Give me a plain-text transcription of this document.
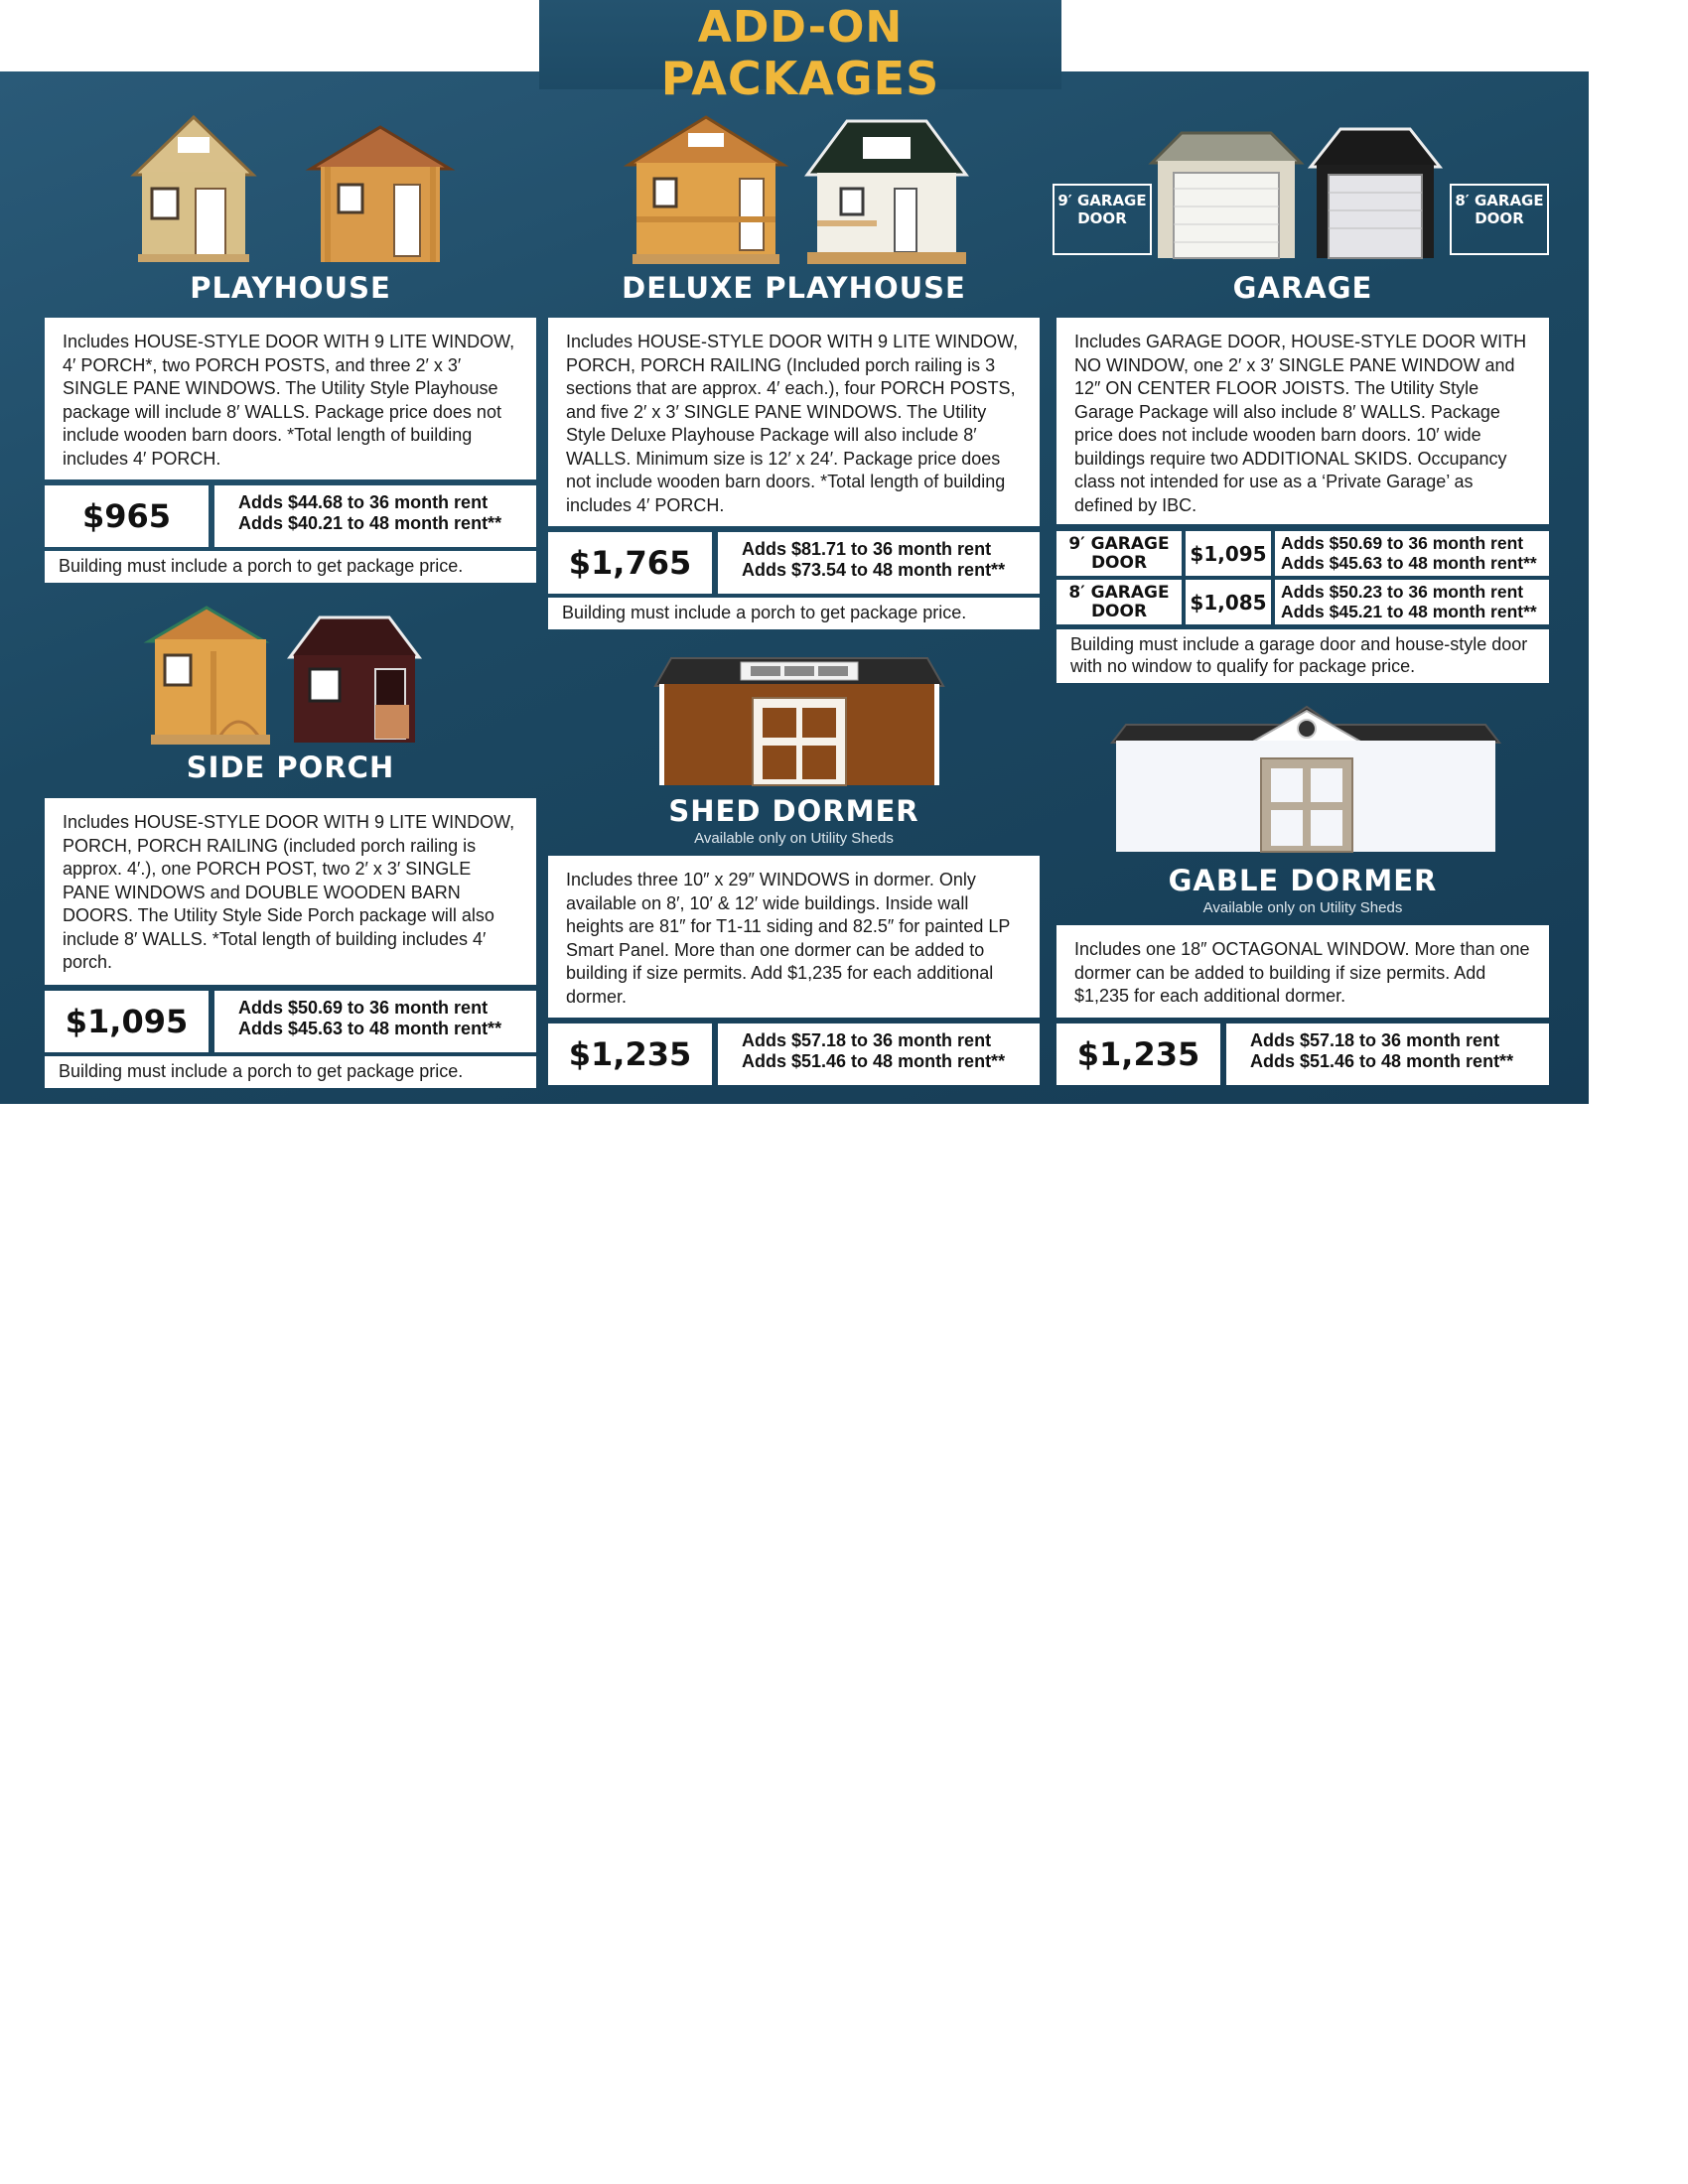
ADD-ON
PACKAGES
PLAYHOUSE

Includes HOUSE-STYLE DOOR WITH 9 LITE WINDOW, 4′ PORCH*, two PORCH POSTS, and three 2′ x 3′ SINGLE PANE WINDOWS. The Utility Style Playhouse package will include 8′ WALLS. Package price does not include wooden barn doors. *Total length of building includes 4′ PORCH.

$965	Adds $44.68 to 36 month rent
Adds $40.21 to 48 month rent**
Building must include a porch to get package price.
DELUXE PLAYHOUSE

Includes HOUSE-STYLE DOOR WITH 9 LITE WINDOW, PORCH, PORCH RAILING (Included porch railing is 3 sections that are approx. 4′ each.), four PORCH POSTS, and five 2′ x 3′ SINGLE PANE WINDOWS. The Utility Style Deluxe Playhouse Package will also include 8′ WALLS. Minimum size is 12′ x 24′. Package price does not include wooden barn doors. *Total length of building includes 4′ PORCH.

$1,765	Adds $81.71 to 36 month rent
Adds $73.54 to 48 month rent**
Building must include a porch to get package price.
9′ GARAGE DOOR
8′ GARAGE DOOR
GARAGE

Includes GARAGE DOOR, HOUSE-STYLE DOOR WITH NO WINDOW, one 2′ x 3′ SINGLE PANE WINDOW and 12″ ON CENTER FLOOR JOISTS. The Utility Style Garage Package will also include 8′ WALLS. Package price does not include wooden barn doors. 10′ wide buildings require two ADDITIONAL SKIDS. Occupancy class not intended for use as a ‘Private Garage’ as defined by IBC.

9′ GARAGE DOOR	$1,095 Adds $50.69 to 36 month rent
Adds $45.63 to 48 month rent**
8′ GARAGE DOOR	$1,085 Adds $50.23 to 36 month rent
Adds $45.21 to 48 month rent**
Building must include a garage door and house-style door with no window to qualify for package price.
SIDE PORCH

Includes HOUSE-STYLE DOOR WITH 9 LITE WINDOW, PORCH, PORCH RAILING (included porch railing is approx. 4′.), one PORCH POST, two 2′ x 3′ SINGLE PANE WINDOWS and DOUBLE WOODEN BARN DOORS. The Utility Style Side Porch package will also include 8′ WALLS. *Total length of building includes 4′ porch.

$1,095	Adds $50.69 to 36 month rent
Adds $45.63 to 48 month rent**
Building must include a porch to get package price.
SHED DORMER
Available only on Utility Sheds

Includes three 10″ x 29″ WINDOWS in dormer. Only available on 8′, 10′ & 12′ wide buildings. Inside wall heights are 81″ for T1-11 siding and 82.5″ for painted LP Smart Panel. More than one dormer can be added to building if size permits. Add $1,235 for each additional dormer.

$1,235	Adds $57.18 to 36 month rent
Adds $51.46 to 48 month rent**
GABLE DORMER
Available only on Utility Sheds

Includes one 18″ OCTAGONAL WINDOW. More than one dormer can be added to building if size permits. Add $1,235 for each additional dormer.

$1,235	Adds $57.18 to 36 month rent
Adds $51.46 to 48 month rent**
